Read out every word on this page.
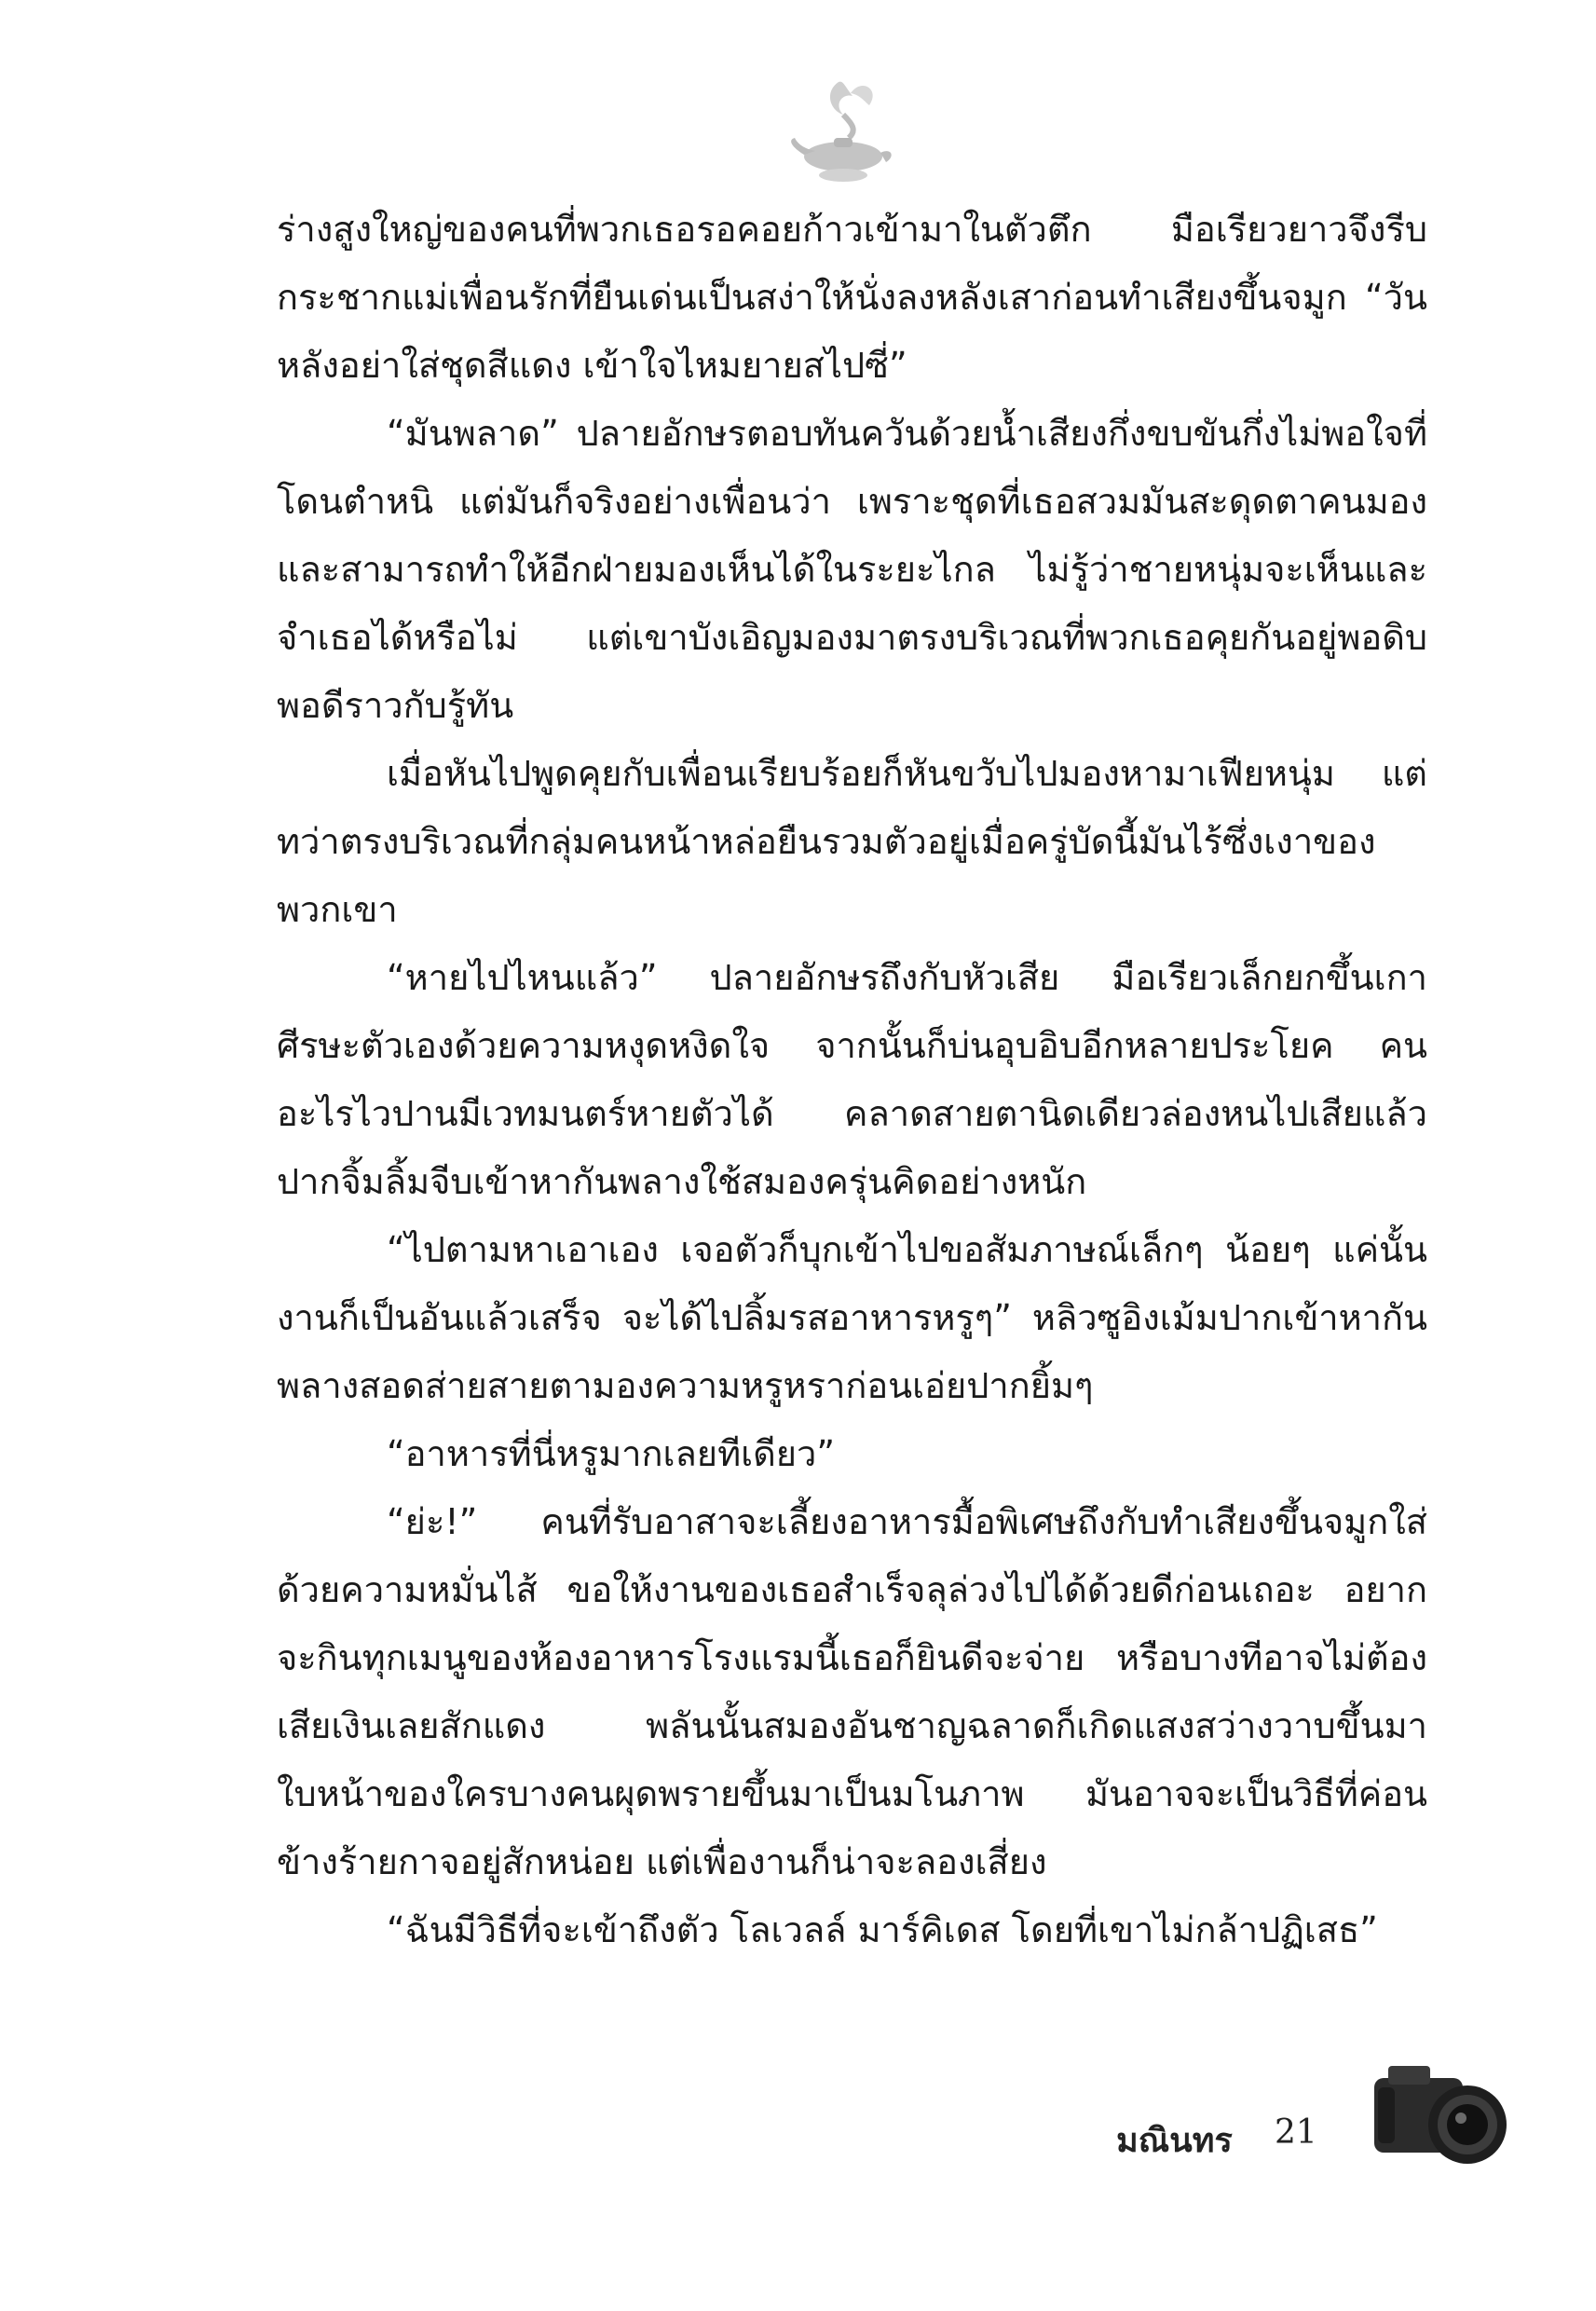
ร่างสูงใหญ่ของคนที่พวกเธอรอคอยก้าวเข้ามาในตัวตึก มือเรียวยาวจึงรีบกระชากแม่เพื่อนรักที่ยืนเด่นเป็นสง่าให้นั่งลงหลังเสาก่อนทำเสียงขึ้นจมูก “วันหลังอย่าใส่ชุดสีแดง เข้าใจไหมยายสไปซี่”

“มันพลาด” ปลายอักษรตอบทันควันด้วยน้ำเสียงกึ่งขบขันกึ่งไม่พอใจที่โดนตำหนิ แต่มันก็จริงอย่างเพื่อนว่า เพราะชุดที่เธอสวมมันสะดุดตาคนมองและสามารถทำให้อีกฝ่ายมองเห็นได้ในระยะไกล ไม่รู้ว่าชายหนุ่มจะเห็นและจำเธอได้หรือไม่ แต่เขาบังเอิญมองมาตรงบริเวณที่พวกเธอคุยกันอยู่พอดิบพอดีราวกับรู้ทัน

เมื่อหันไปพูดคุยกับเพื่อนเรียบร้อยก็หันขวับไปมองหามาเฟียหนุ่ม แต่ทว่าตรงบริเวณที่กลุ่มคนหน้าหล่อยืนรวมตัวอยู่เมื่อครู่บัดนี้มันไร้ซึ่งเงาของพวกเขา

“หายไปไหนแล้ว” ปลายอักษรถึงกับหัวเสีย มือเรียวเล็กยกขึ้นเกาศีรษะตัวเองด้วยความหงุดหงิดใจ จากนั้นก็บ่นอุบอิบอีกหลายประโยค คนอะไรไวปานมีเวทมนตร์หายตัวได้ คลาดสายตานิดเดียวล่องหนไปเสียแล้ว ปากจิ้มลิ้มจีบเข้าหากันพลางใช้สมองครุ่นคิดอย่างหนัก

“ไปตามหาเอาเอง เจอตัวก็บุกเข้าไปขอสัมภาษณ์เล็กๆ น้อยๆ แค่นั้นงานก็เป็นอันแล้วเสร็จ จะได้ไปลิ้มรสอาหารหรูๆ” หลิวซูอิงเม้มปากเข้าหากันพลางสอดส่ายสายตามองความหรูหราก่อนเอ่ยปากยิ้มๆ

“อาหารที่นี่หรูมากเลยทีเดียว”

“ย่ะ!” คนที่รับอาสาจะเลี้ยงอาหารมื้อพิเศษถึงกับทำเสียงขึ้นจมูกใส่ด้วยความหมั่นไส้ ขอให้งานของเธอสำเร็จลุล่วงไปได้ด้วยดีก่อนเถอะ อยากจะกินทุกเมนูของห้องอาหารโรงแรมนี้เธอก็ยินดีจะจ่าย หรือบางทีอาจไม่ต้องเสียเงินเลยสักแดง พลันนั้นสมองอันชาญฉลาดก็เกิดแสงสว่างวาบขึ้นมา ใบหน้าของใครบางคนผุดพรายขึ้นมาเป็นมโนภาพ มันอาจจะเป็นวิธีที่ค่อนข้างร้ายกาจอยู่สักหน่อย แต่เพื่องานก็น่าจะลองเสี่ยง

“ฉันมีวิธีที่จะเข้าถึงตัว โลเวลล์ มาร์คิเดส โดยที่เขาไม่กล้าปฏิเสธ”

มณินทร 21
